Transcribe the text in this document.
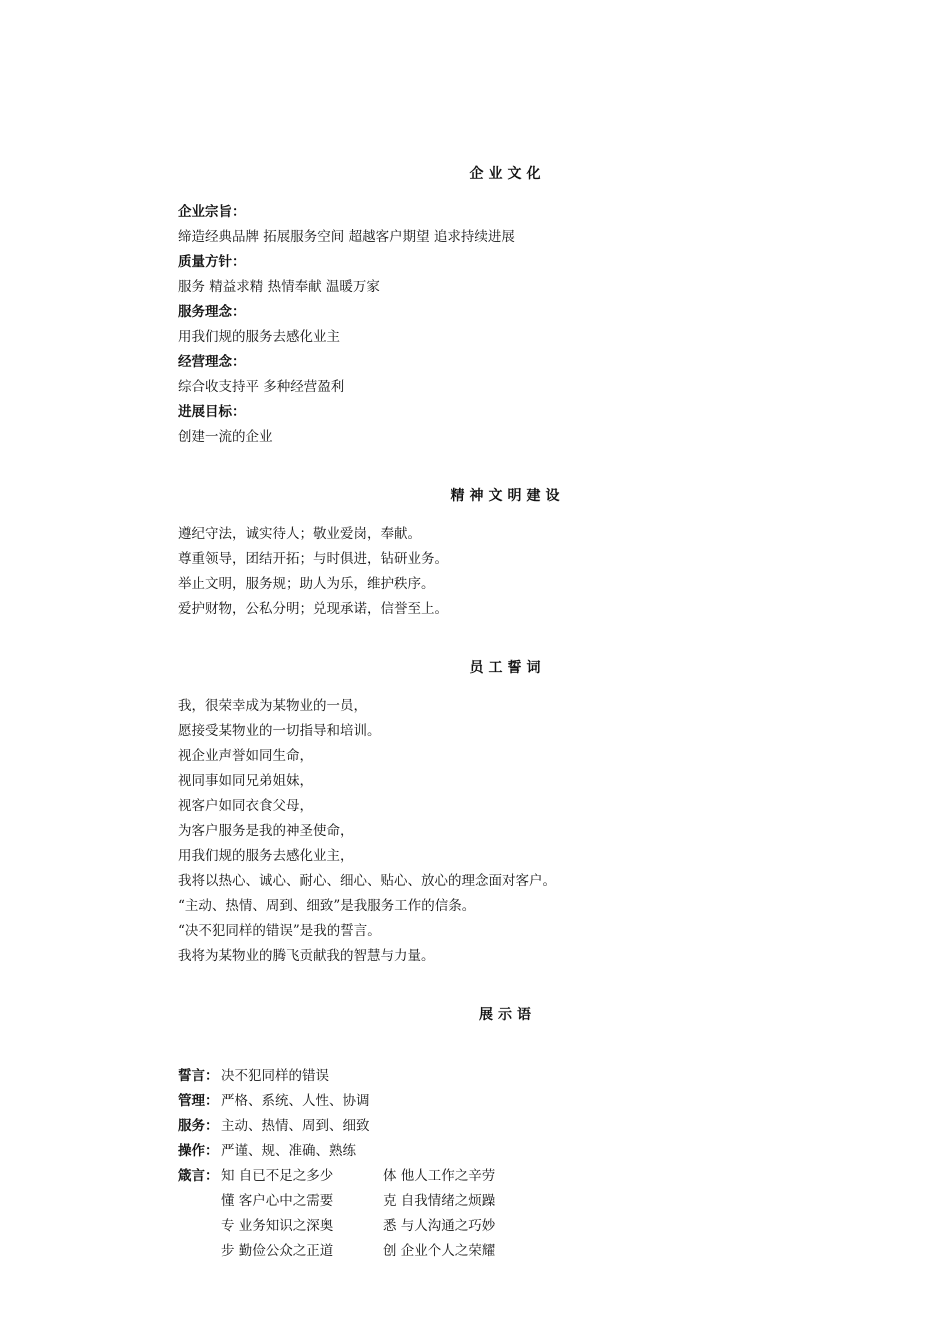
企业文化
企业宗旨：
缔造经典品牌 拓展服务空间 超越客户期望 追求持续进展
质量方针：
服务 精益求精 热情奉献 温暖万家
服务理念：
用我们规的服务去感化业主
经营理念：
综合收支持平 多种经营盈利
进展目标：
创建一流的企业
精神文明建设
遵纪守法，诚实待人；敬业爱岗，奉献。
尊重领导，团结开拓；与时俱进，钻研业务。
举止文明，服务规；助人为乐，维护秩序。
爱护财物，公私分明；兑现承诺，信誉至上。
员工誓词
我，很荣幸成为某物业的一员，
愿接受某物业的一切指导和培训。
视企业声誉如同生命，
视同事如同兄弟姐妹，
视客户如同衣食父母，
为客户服务是我的神圣使命，
用我们规的服务去感化业主，
我将以热心、诚心、耐心、细心、贴心、放心的理念面对客户。
“主动、热情、周到、细致”是我服务工作的信条。
“决不犯同样的错误”是我的誓言。
我将为某物业的腾飞贡献我的智慧与力量。
展示语
誓言： 决不犯同样的错误
管理： 严格、系统、人性、协调
服务： 主动、热情、周到、细致
操作： 严谨、规、准确、熟练
箴言： 知 自已不足之多少	体 他人工作之辛劳
懂 客户心中之需要	克 自我情绪之烦躁
专 业务知识之深奥	悉 与人沟通之巧妙
步 勤俭公众之正道	创 企业个人之荣耀
